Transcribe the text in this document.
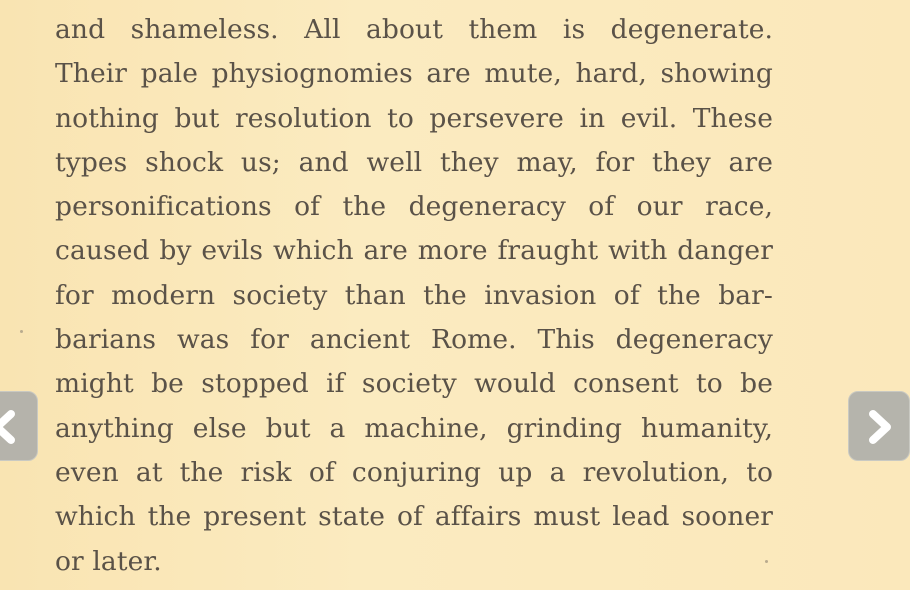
and shameless. All about them is degenerate.
Their pale physiognomies are mute, hard, showing
nothing but resolution to persevere in evil. These
types shock us; and well they may, for they are
personifications of the degeneracy of our race,
caused by evils which are more fraught with danger
for modern society than the invasion of the bar-
barians was for ancient Rome. This degeneracy
might be stopped if society would consent to be
anything else but a machine, grinding humanity,
even at the risk of conjuring up a revolution, to
which the present state of affairs must lead sooner
or later.
